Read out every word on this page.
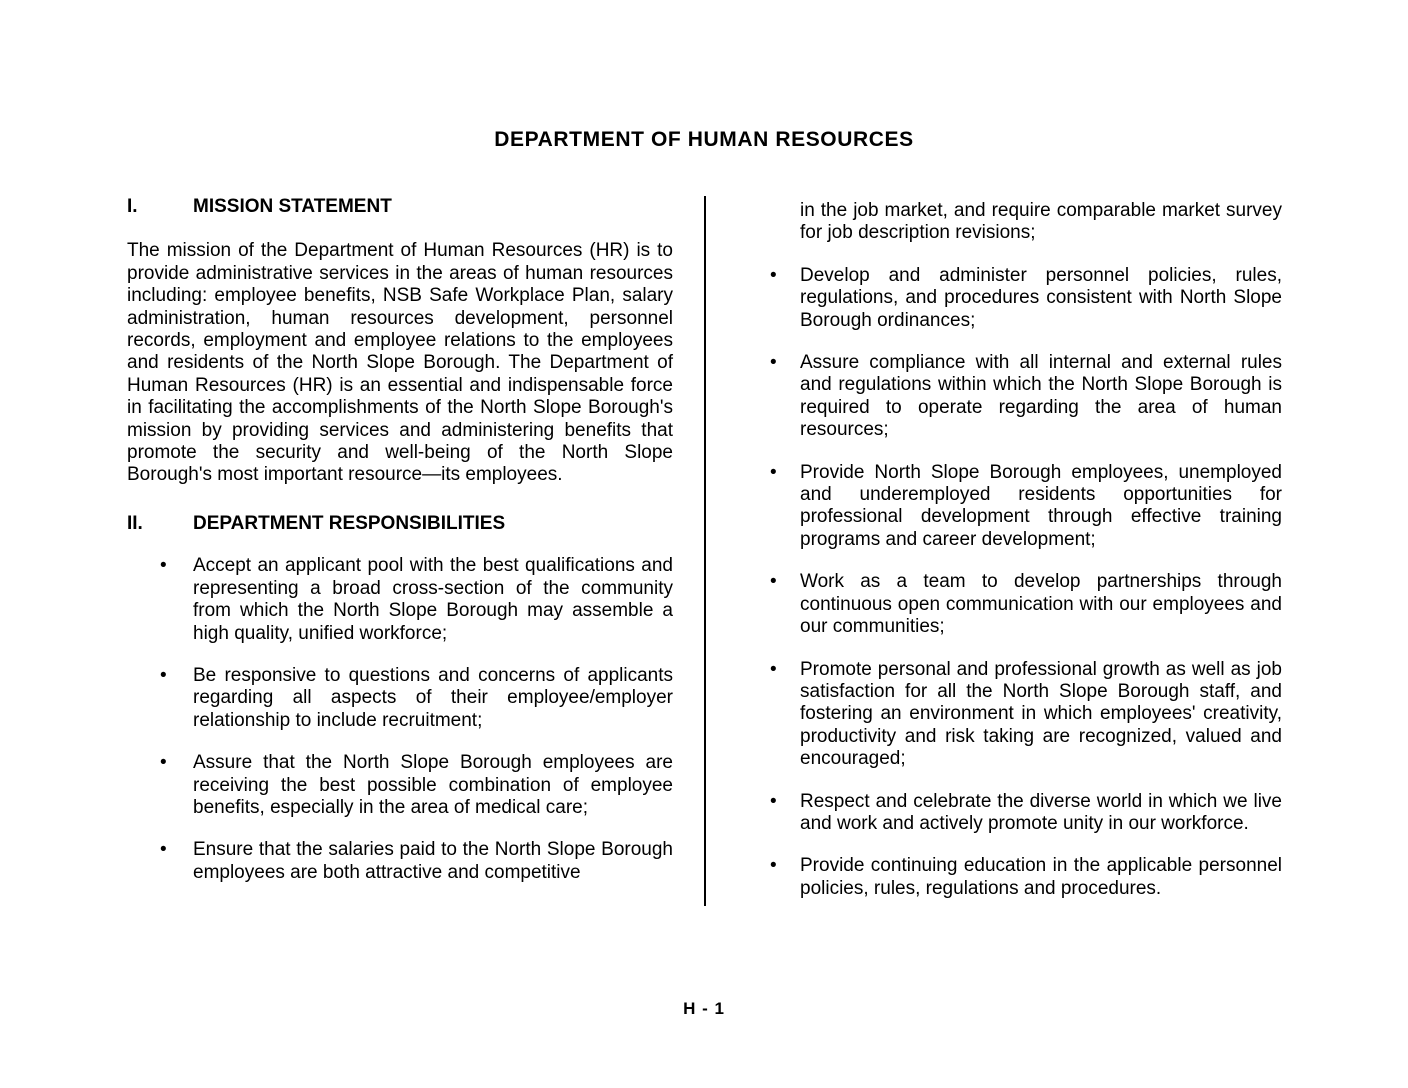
DEPARTMENT OF HUMAN RESOURCES
I.	MISSION STATEMENT

The mission of the Department of Human Resources (HR) is to provide administrative services in the areas of human resources including: employee benefits, NSB Safe Workplace Plan, salary administration, human resources development, personnel records, employment and employee relations to the employees and residents of the North Slope Borough. The Department of Human Resources (HR) is an essential and indispensable force in facilitating the accomplishments of the North Slope Borough's mission by providing services and administering benefits that promote the security and well-being of the North Slope Borough's most important resource—its employees.

II.	DEPARTMENT RESPONSIBILITIES
•	Accept an applicant pool with the best qualifications and representing a broad cross-section of the community from which the North Slope Borough may assemble a high quality, unified workforce;
•	Be responsive to questions and concerns of applicants regarding all aspects of their employee/employer relationship to include recruitment;
•	Assure that the North Slope Borough employees are receiving the best possible combination of employee benefits, especially in the area of medical care;
•	Ensure that the salaries paid to the North Slope Borough employees are both attractive and competitive

in the job market, and require comparable market survey for job description revisions;

•	Develop and administer personnel policies, rules, regulations, and procedures consistent with North Slope Borough ordinances;
•	Assure compliance with all internal and external rules and regulations within which the North Slope Borough is required to operate regarding the area of human resources;
•	Provide North Slope Borough employees, unemployed and underemployed residents opportunities for professional development through effective training programs and career development;
•	Work as a team to develop partnerships through continuous open communication with our employees and our communities;
•	Promote personal and professional growth as well as job satisfaction for all the North Slope Borough staff, and fostering an environment in which employees' creativity, productivity and risk taking are recognized, valued and encouraged;
•	Respect and celebrate the diverse world in which we live and work and actively promote unity in our workforce.
•	Provide continuing education in the applicable personnel policies, rules, regulations and procedures.
H - 1
